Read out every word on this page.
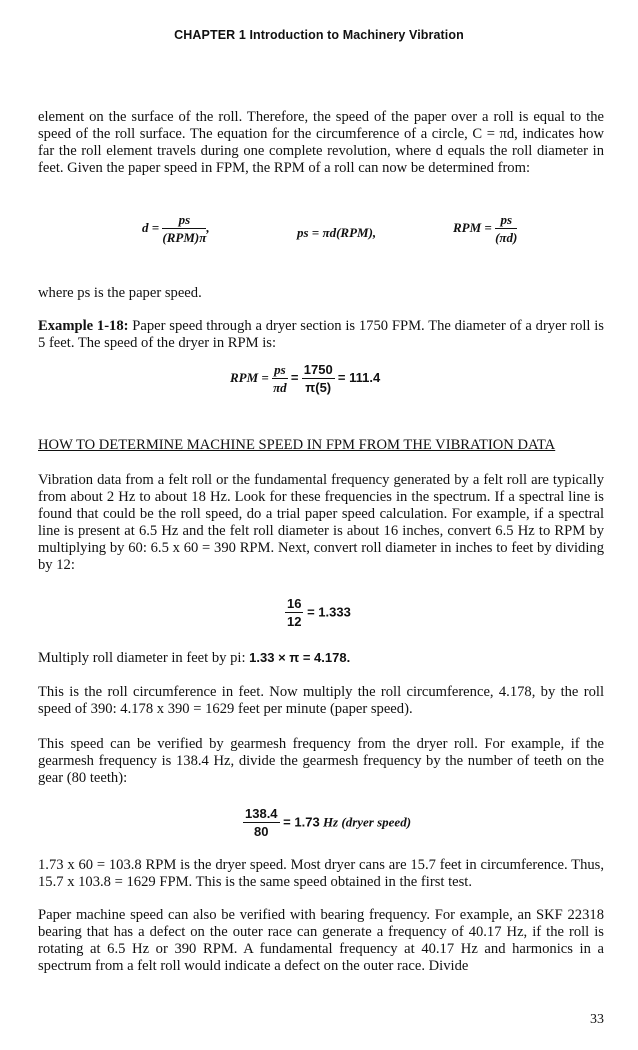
CHAPTER 1 Introduction to Machinery Vibration

element on the surface of the roll. Therefore, the speed of the paper over a roll is equal to the speed of the roll surface. The equation for the circumference of a circle, C = πd, indicates how far the roll element travels during one complete revolution, where d equals the roll diameter in feet. Given the paper speed in FPM, the RPM of a roll can now be determined from:

$d = \frac{ps}{\text{(RPM)π}}$ ,	ps = πd(RPM),	RPM = $\frac{ps}{(\pi d)}$

where ps is the paper speed.

Example 1-18: Paper speed through a dryer section is 1750 FPM. The diameter of a dryer roll is 5 feet. The speed of the dryer in RPM is:

RPM = $\frac{ps}{\pi d} = \frac{1750}{\pi(5)} = 111.4$

HOW TO DETERMINE MACHINE SPEED IN FPM FROM THE VIBRATION DATA

Vibration data from a felt roll or the fundamental frequency generated by a felt roll are typically from about 2 Hz to about 18 Hz. Look for these frequencies in the spectrum. If a spectral line is found that could be the roll speed, do a trial paper speed calculation. For example, if a spectral line is present at 6.5 Hz and the felt roll diameter is about 16 inches, convert 6.5 Hz to RPM by multiplying by 60: 6.5 x 60 = 390 RPM. Next, convert roll diameter in inches to feet by dividing by 12:

$\frac{16}{12} = 1.333$

Multiply roll diameter in feet by pi: 1.33 × π = 4.178.

This is the roll circumference in feet. Now multiply the roll circumference, 4.178, by the roll speed of 390: 4.178 x 390 = 1629 feet per minute (paper speed).

This speed can be verified by gearmesh frequency from the dryer roll. For example, if the gearmesh frequency is 138.4 Hz, divide the gearmesh frequency by the number of teeth on the gear (80 teeth):

$\frac{138.4}{80} = 1.73$ Hz (dryer speed)

1.73 x 60 = 103.8 RPM is the dryer speed. Most dryer cans are 15.7 feet in circumference. Thus, 15.7 x 103.8 = 1629 FPM. This is the same speed obtained in the first test.

Paper machine speed can also be verified with bearing frequency. For example, an SKF 22318 bearing that has a defect on the outer race can generate a frequency of 40.17 Hz, if the roll is rotating at 6.5 Hz or 390 RPM. A fundamental frequency at 40.17 Hz and harmonics in a spectrum from a felt roll would indicate a defect on the outer race. Divide

33
